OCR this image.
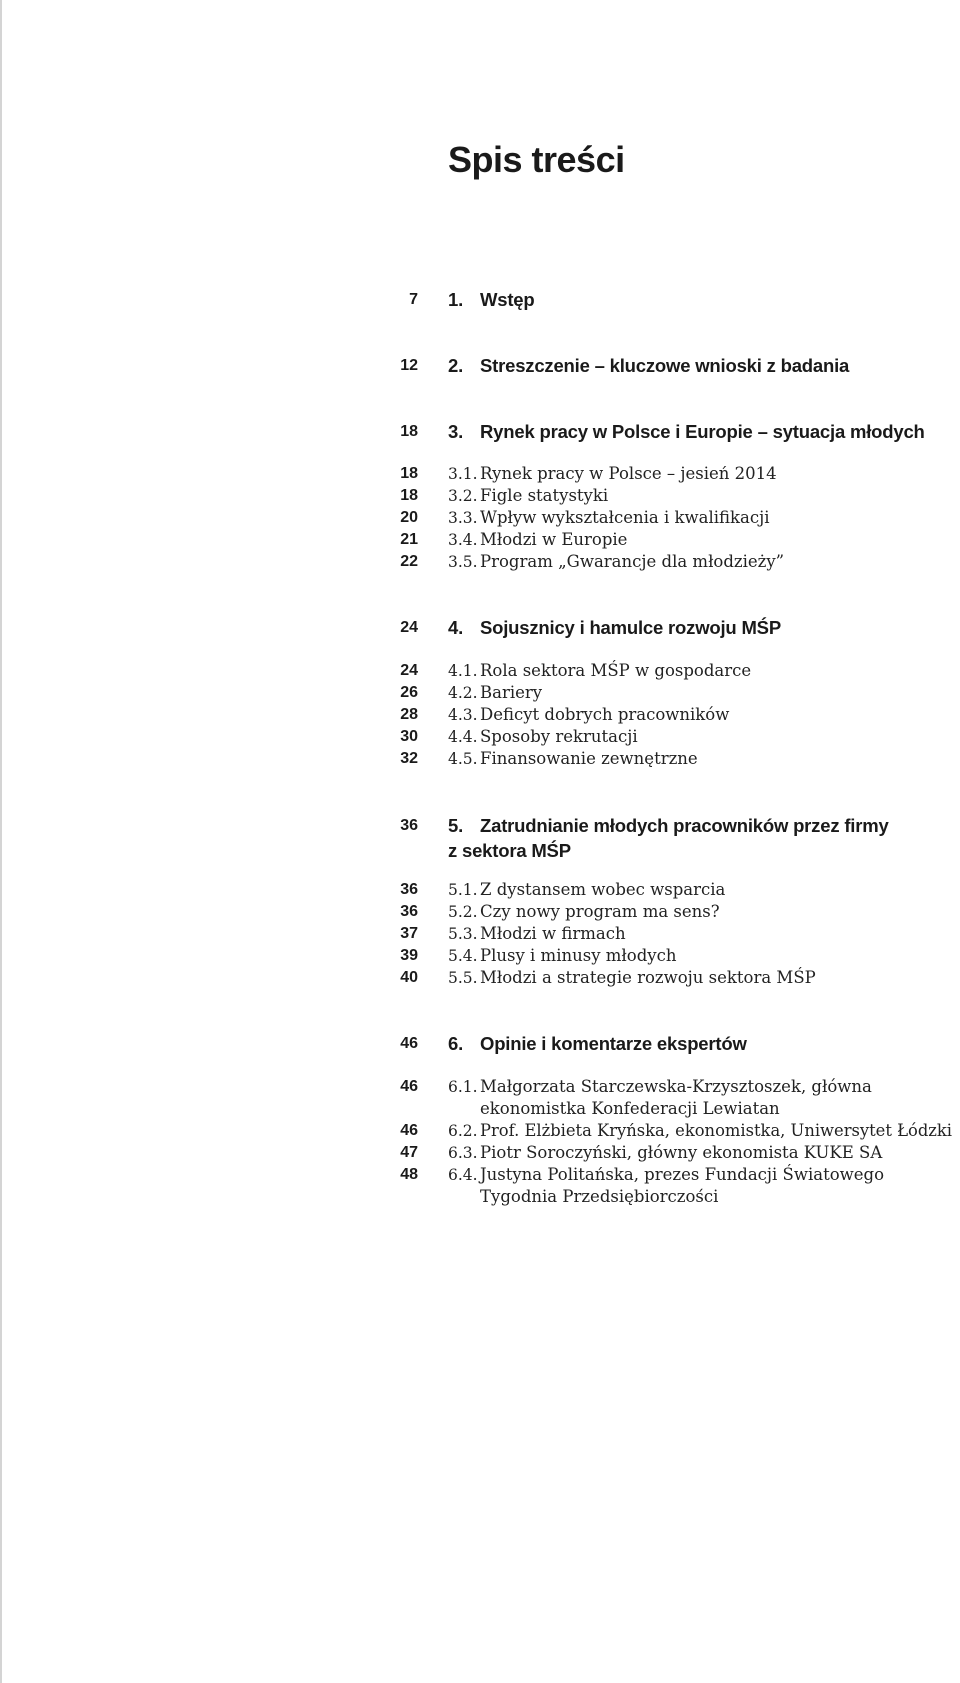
Spis treści
7 1. Wstęp
12 2. Streszczenie – kluczowe wnioski z badania
18 3. Rynek pracy w Polsce i Europie – sytuacja młodych
18 3.1. Rynek pracy w Polsce – jesień 2014
18 3.2. Figle statystyki
20 3.3. Wpływ wykształcenia i kwalifikacji
21 3.4. Młodzi w Europie
22 3.5. Program „Gwarancje dla młodzieży”
24 4. Sojusznicy i hamulce rozwoju MŚP
24 4.1. Rola sektora MŚP w gospodarce
26 4.2. Bariery
28 4.3. Deficyt dobrych pracowników
30 4.4. Sposoby rekrutacji
32 4.5. Finansowanie zewnętrzne
36 5. Zatrudnianie młodych pracowników przez firmy
z sektora MŚP
36 5.1. Z dystansem wobec wsparcia
36 5.2. Czy nowy program ma sens?
37 5.3. Młodzi w firmach
39 5.4. Plusy i minusy młodych
40 5.5. Młodzi a strategie rozwoju sektora MŚP
46 6. Opinie i komentarze ekspertów
46 6.1. Małgorzata Starczewska-Krzysztoszek, główna
ekonomistka Konfederacji Lewiatan
46 6.2. Prof. Elżbieta Kryńska, ekonomistka, Uniwersytet Łódzki
47 6.3. Piotr Soroczyński, główny ekonomista KUKE SA
48 6.4. Justyna Politańska, prezes Fundacji Światowego
Tygodnia Przedsiębiorczości
